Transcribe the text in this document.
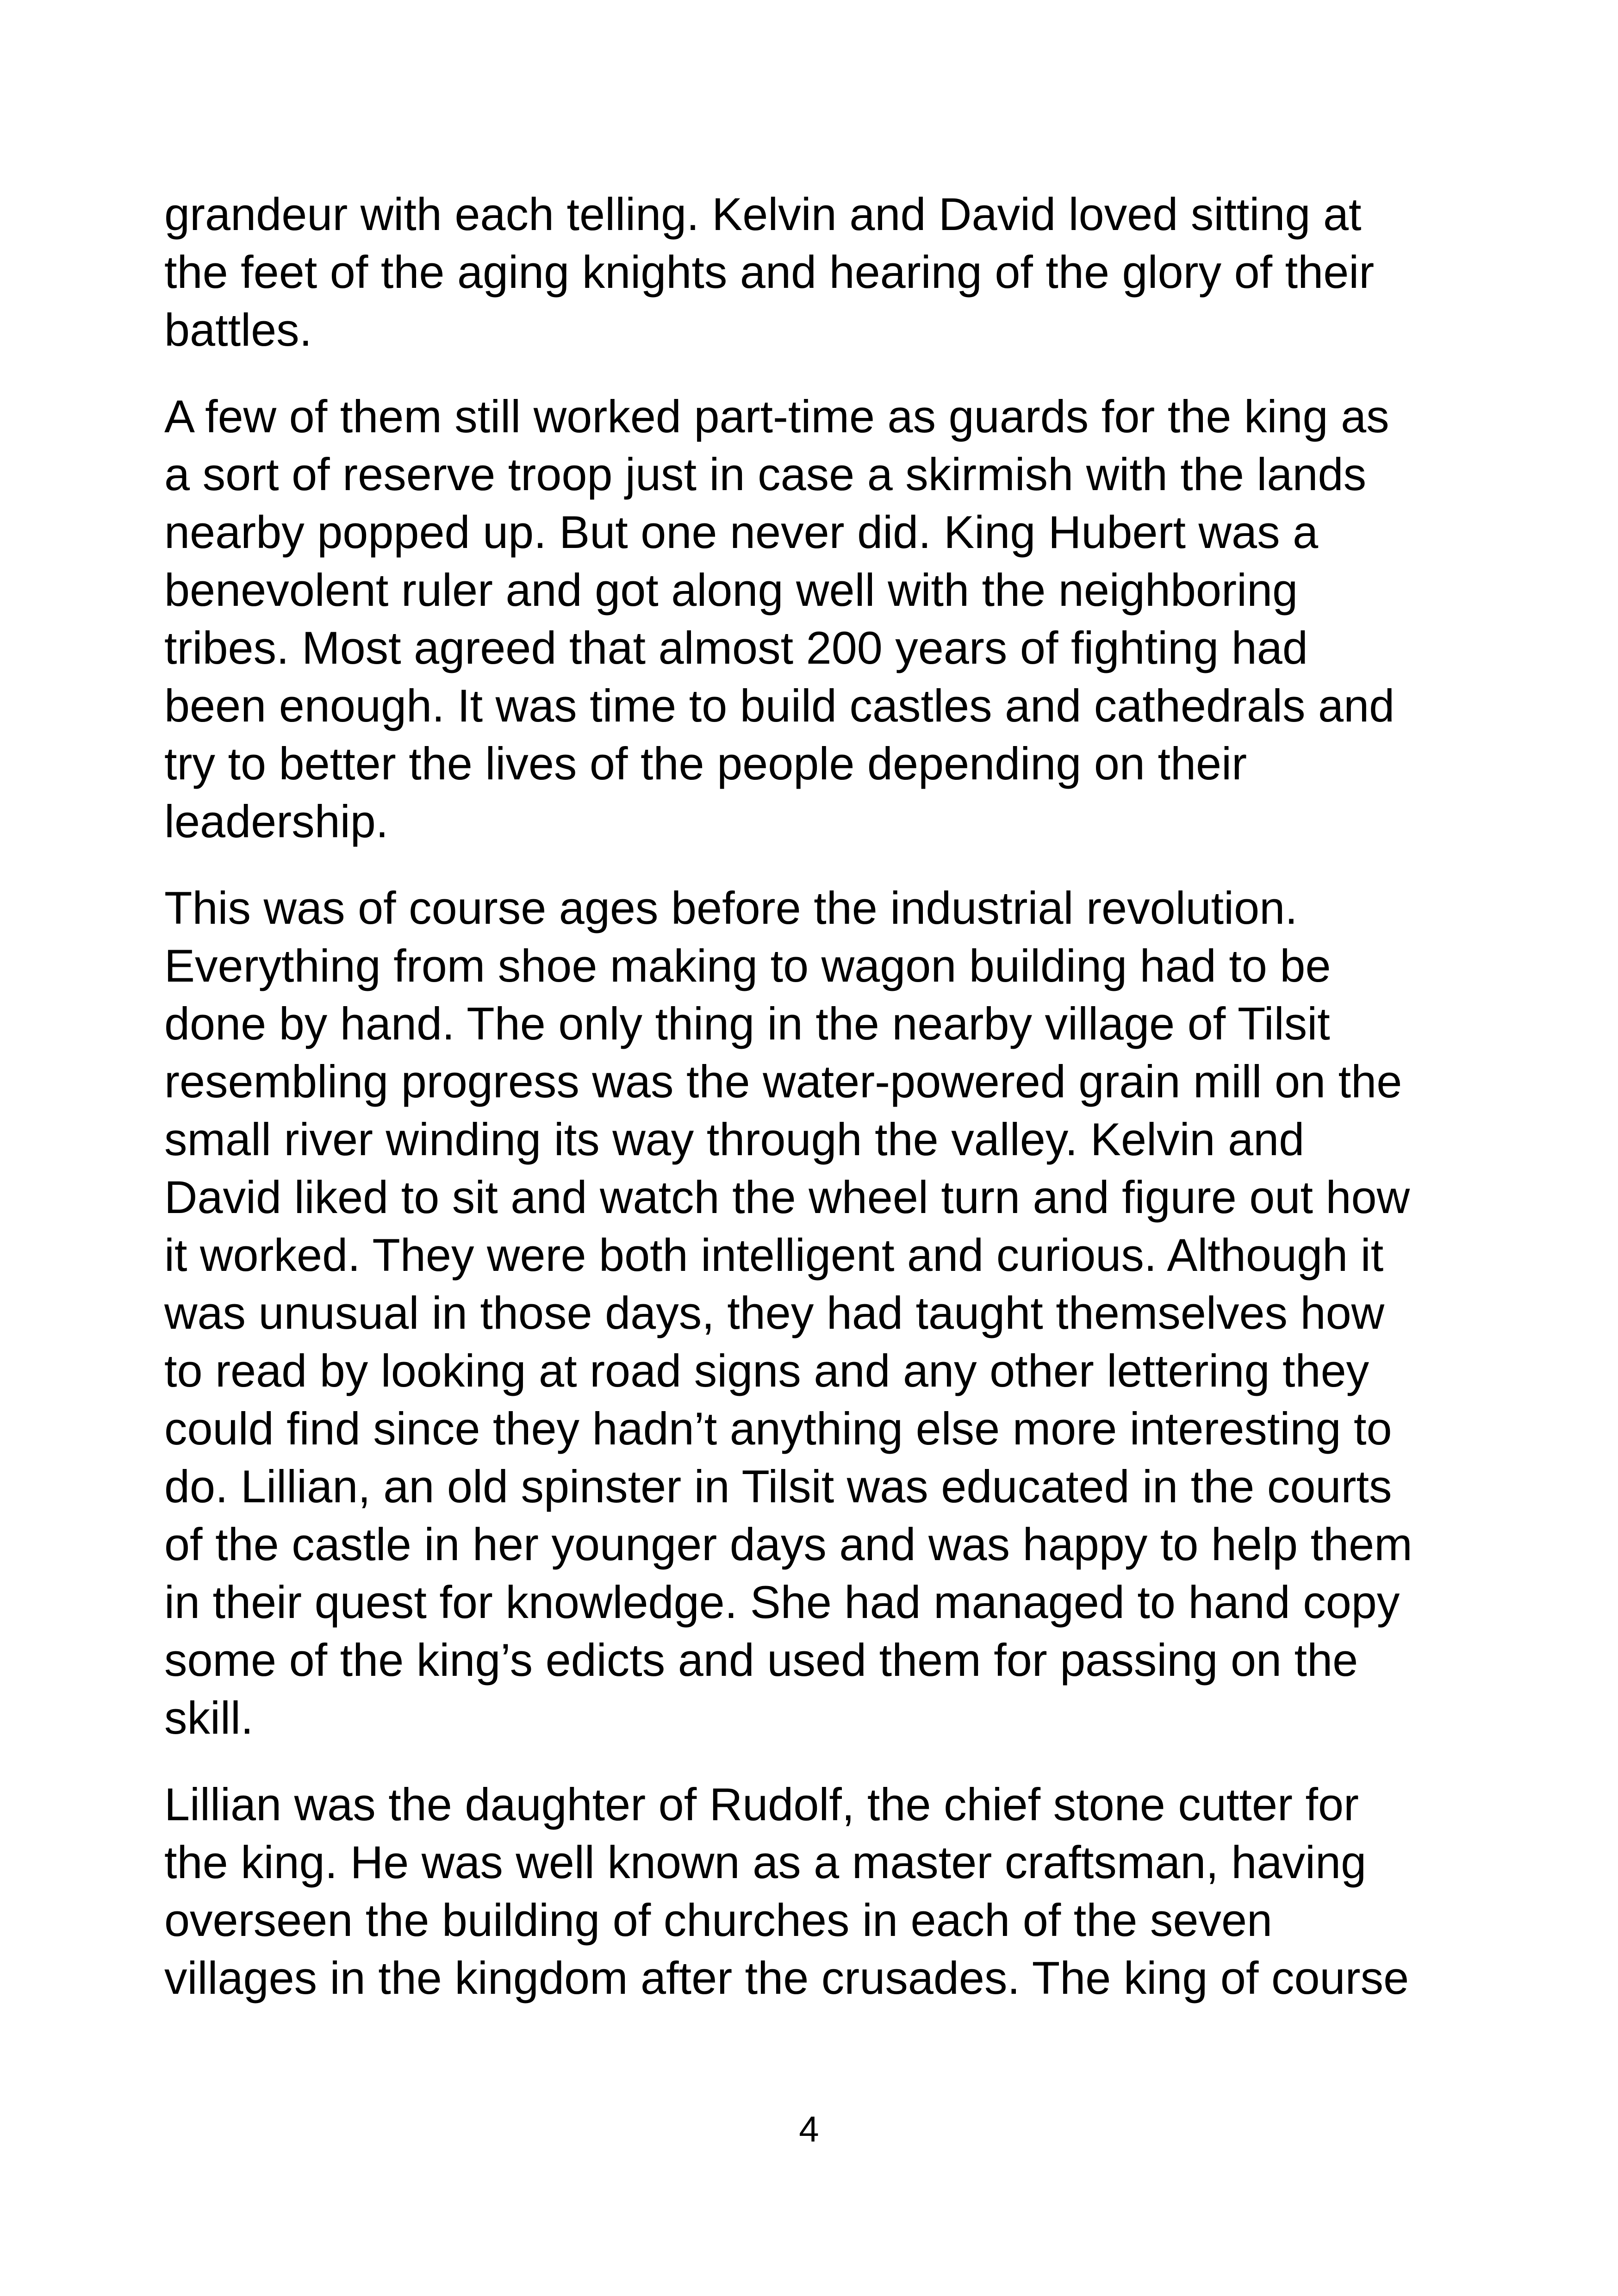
grandeur with each telling. Kelvin and David loved sitting at
the feet of the aging knights and hearing of the glory of their
battles.

A few of them still worked part-time as guards for the king as
a sort of reserve troop just in case a skirmish with the lands
nearby popped up. But one never did. King Hubert was a
benevolent ruler and got along well with the neighboring
tribes. Most agreed that almost 200 years of fighting had
been enough. It was time to build castles and cathedrals and
try to better the lives of the people depending on their
leadership.

This was of course ages before the industrial revolution.
Everything from shoe making to wagon building had to be
done by hand. The only thing in the nearby village of Tilsit
resembling progress was the water-powered grain mill on the
small river winding its way through the valley. Kelvin and
David liked to sit and watch the wheel turn and figure out how
it worked. They were both intelligent and curious. Although it
was unusual in those days, they had taught themselves how
to read by looking at road signs and any other lettering they
could find since they hadn’t anything else more interesting to
do. Lillian, an old spinster in Tilsit was educated in the courts
of the castle in her younger days and was happy to help them
in their quest for knowledge. She had managed to hand copy
some of the king’s edicts and used them for passing on the
skill.

Lillian was the daughter of Rudolf, the chief stone cutter for
the king. He was well known as a master craftsman, having
overseen the building of churches in each of the seven
villages in the kingdom after the crusades. The king of course

4
